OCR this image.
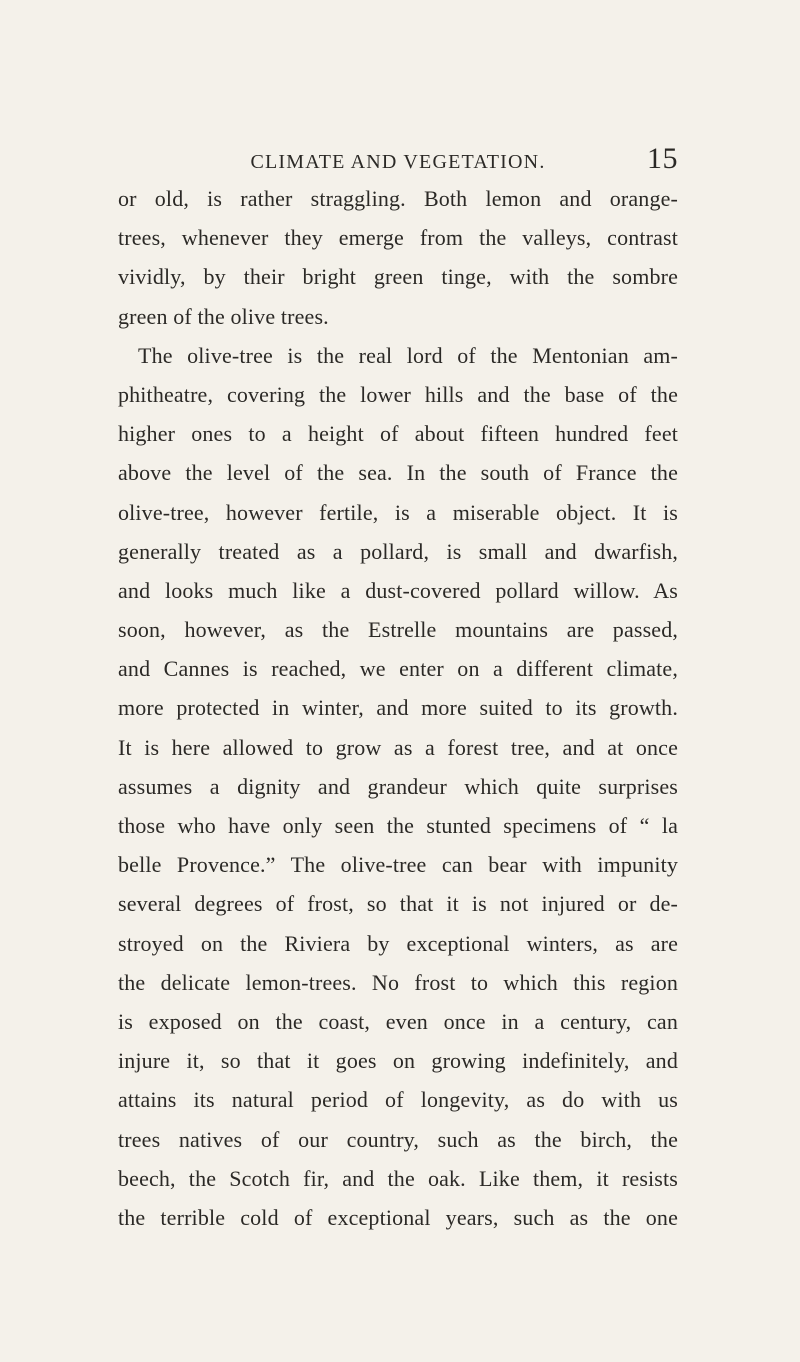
CLIMATE AND VEGETATION.	15
or old, is rather straggling. Both lemon and orange-
trees, whenever they emerge from the valleys, contrast
vividly, by their bright green tinge, with the sombre
green of the olive trees.
The olive-tree is the real lord of the Mentonian am-
phitheatre, covering the lower hills and the base of the
higher ones to a height of about fifteen hundred feet
above the level of the sea. In the south of France the
olive-tree, however fertile, is a miserable object. It is
generally treated as a pollard, is small and dwarfish,
and looks much like a dust-covered pollard willow. As
soon, however, as the Estrelle mountains are passed,
and Cannes is reached, we enter on a different climate,
more protected in winter, and more suited to its growth.
It is here allowed to grow as a forest tree, and at once
assumes a dignity and grandeur which quite surprises
those who have only seen the stunted specimens of “ la
belle Provence.” The olive-tree can bear with impunity
several degrees of frost, so that it is not injured or de-
stroyed on the Riviera by exceptional winters, as are
the delicate lemon-trees. No frost to which this region
is exposed on the coast, even once in a century, can
injure it, so that it goes on growing indefinitely, and
attains its natural period of longevity, as do with us
trees natives of our country, such as the birch, the
beech, the Scotch fir, and the oak. Like them, it resists
the terrible cold of exceptional years, such as the one
